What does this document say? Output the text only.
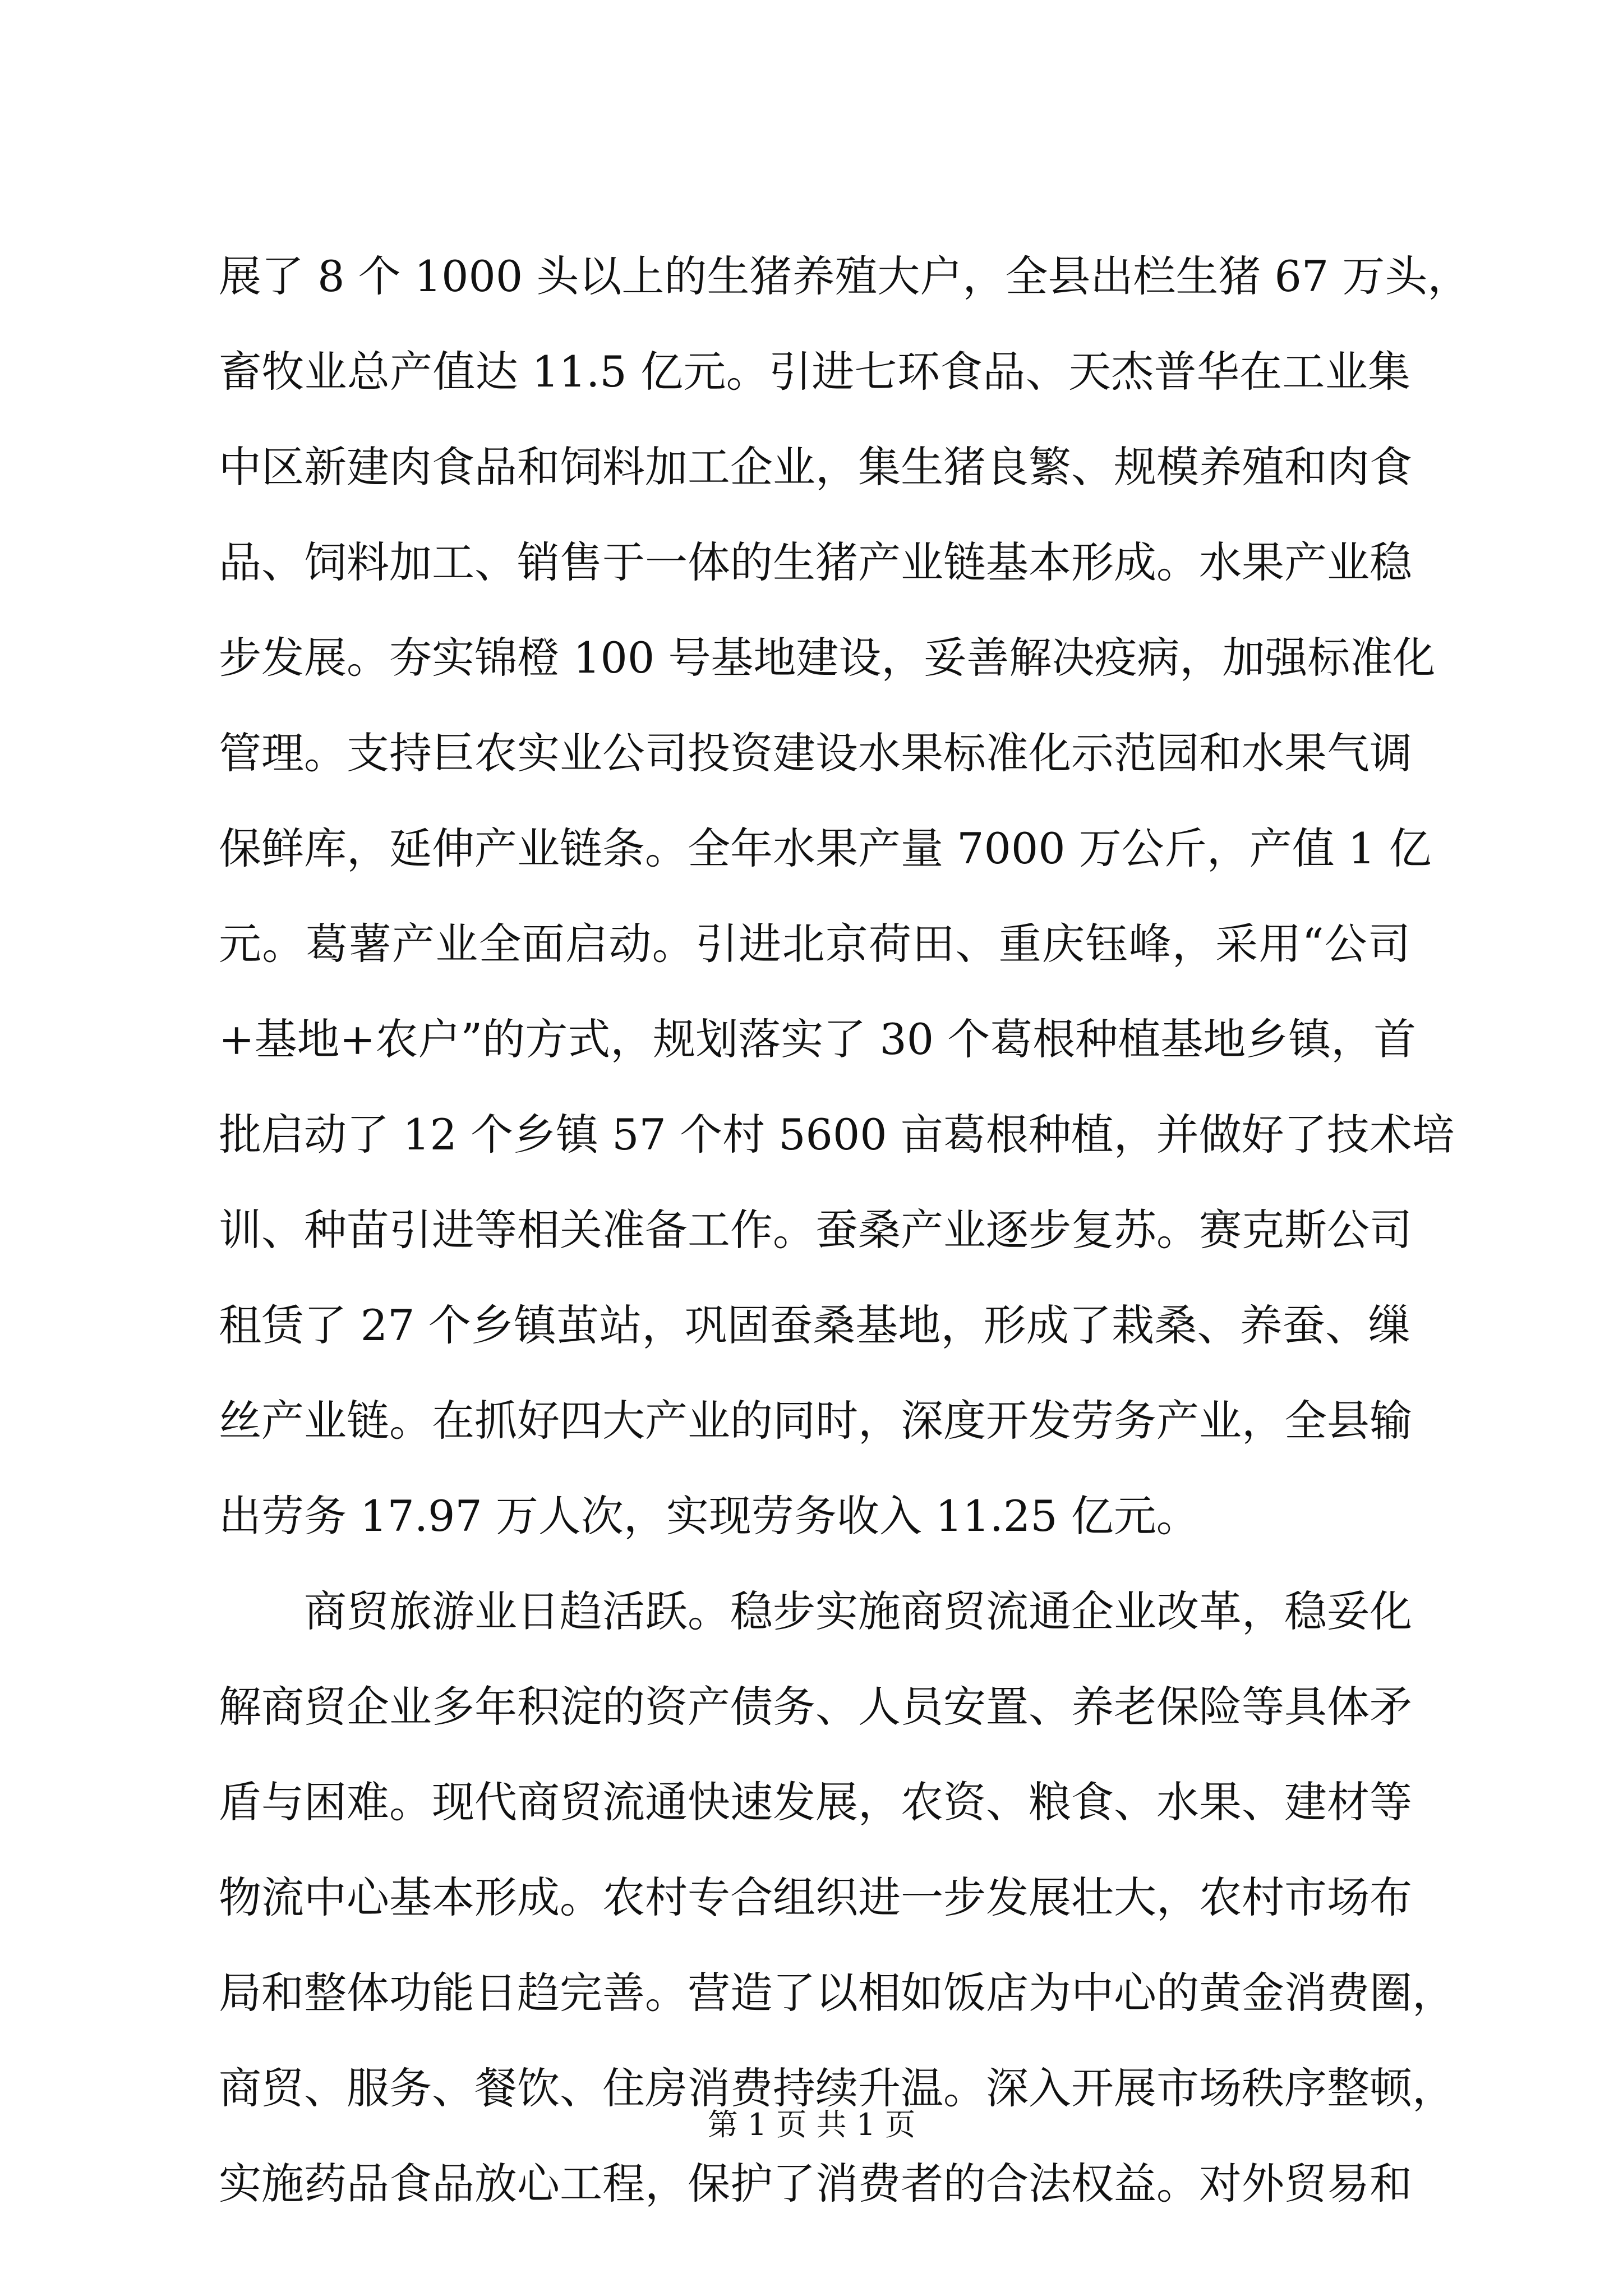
展了 8 个 1000 头以上的生猪养殖大户，全县出栏生猪 67 万头，
畜牧业总产值达 11.5 亿元。引进七环食品、天杰普华在工业集
中区新建肉食品和饲料加工企业，集生猪良繁、规模养殖和肉食
品、饲料加工、销售于一体的生猪产业链基本形成。水果产业稳
步发展。夯实锦橙 100 号基地建设，妥善解决疫病，加强标准化
管理。支持巨农实业公司投资建设水果标准化示范园和水果气调
保鲜库，延伸产业链条。全年水果产量 7000 万公斤，产值 1 亿
元。葛薯产业全面启动。引进北京荷田、重庆钰峰，采用“公司
+基地+农户”的方式，规划落实了 30 个葛根种植基地乡镇，首
批启动了 12 个乡镇 57 个村 5600 亩葛根种植，并做好了技术培
训、种苗引进等相关准备工作。蚕桑产业逐步复苏。赛克斯公司
租赁了 27 个乡镇茧站，巩固蚕桑基地，形成了栽桑、养蚕、缫
丝产业链。在抓好四大产业的同时，深度开发劳务产业，全县输
出劳务 17.97 万人次，实现劳务收入 11.25 亿元。
商贸旅游业日趋活跃。稳步实施商贸流通企业改革，稳妥化
解商贸企业多年积淀的资产债务、人员安置、养老保险等具体矛
盾与困难。现代商贸流通快速发展，农资、粮食、水果、建材等
物流中心基本形成。农村专合组织进一步发展壮大，农村市场布
局和整体功能日趋完善。营造了以相如饭店为中心的黄金消费圈，
商贸、服务、餐饮、住房消费持续升温。深入开展市场秩序整顿，
实施药品食品放心工程，保护了消费者的合法权益。对外贸易和
第 1 页 共 1 页
